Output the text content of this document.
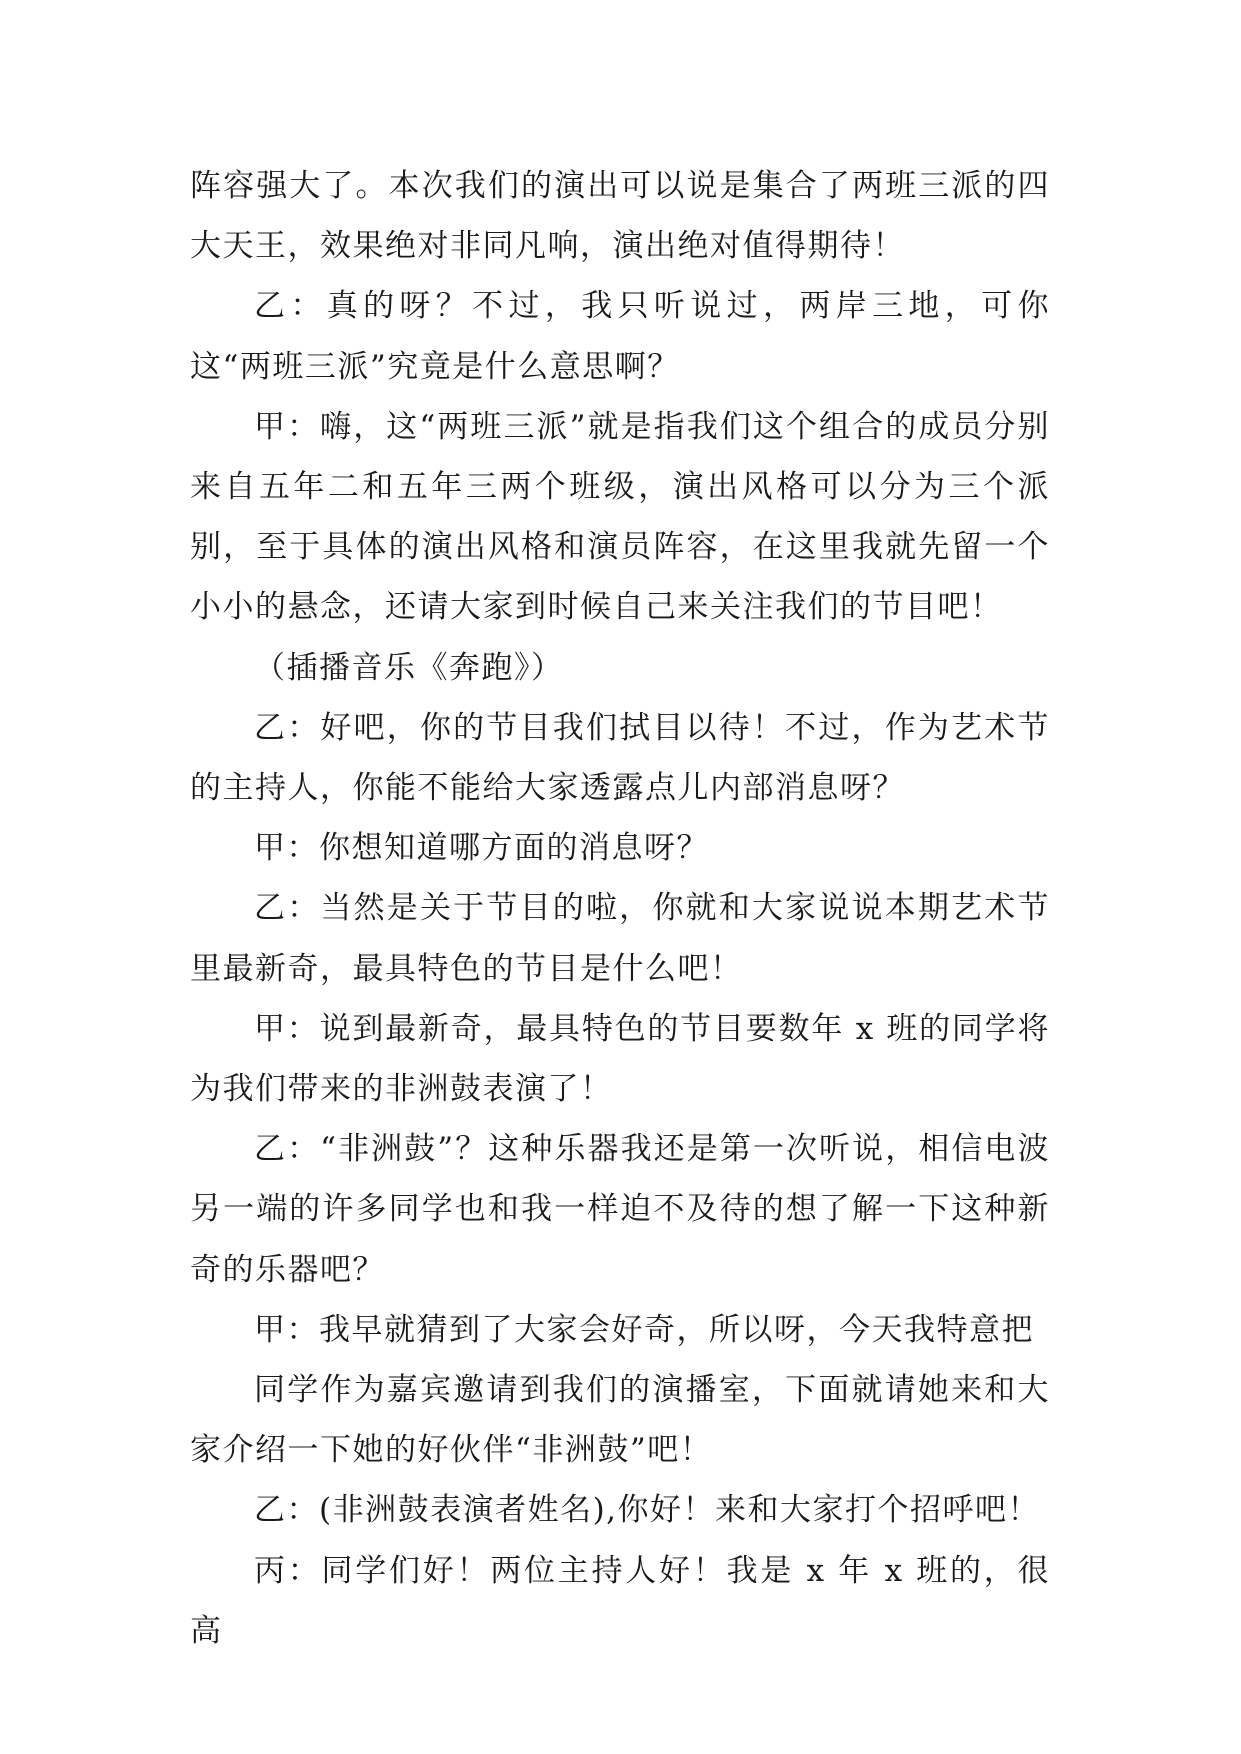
阵容强大了。本次我们的演出可以说是集合了两班三派的四大天王，效果绝对非同凡响，演出绝对值得期待！

乙：真的呀？不过，我只听说过，两岸三地，可你这“两班三派”究竟是什么意思啊？

甲：嗨，这“两班三派”就是指我们这个组合的成员分别来自五年二和五年三两个班级，演出风格可以分为三个派别，至于具体的演出风格和演员阵容，在这里我就先留一个小小的悬念，还请大家到时候自己来关注我们的节目吧！

（插播音乐《奔跑》）

乙：好吧，你的节目我们拭目以待！不过，作为艺术节的主持人，你能不能给大家透露点儿内部消息呀？

甲：你想知道哪方面的消息呀？

乙：当然是关于节目的啦，你就和大家说说本期艺术节里最新奇，最具特色的节目是什么吧！

甲：说到最新奇，最具特色的节目要数年 x 班的同学将为我们带来的非洲鼓表演了！

乙：“非洲鼓”？这种乐器我还是第一次听说，相信电波另一端的许多同学也和我一样迫不及待的想了解一下这种新奇的乐器吧？

甲：我早就猜到了大家会好奇，所以呀，今天我特意把

同学作为嘉宾邀请到我们的演播室，下面就请她来和大家介绍一下她的好伙伴“非洲鼓”吧！

乙：(非洲鼓表演者姓名),你好！来和大家打个招呼吧！

丙：同学们好！两位主持人好！我是 x 年 x 班的，很高
